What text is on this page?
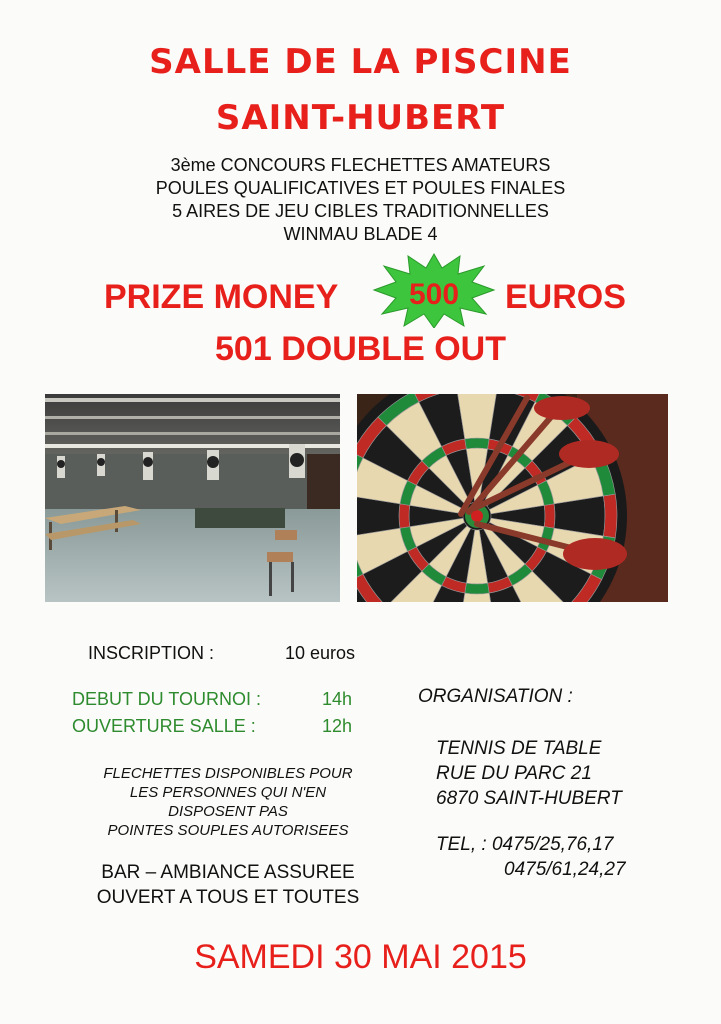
SALLE DE LA PISCINE
SAINT-HUBERT
3ème CONCOURS FLECHETTES AMATEURS
POULES QUALIFICATIVES ET POULES FINALES
5 AIRES DE JEU CIBLES TRADITIONNELLES
WINMAU BLADE 4
PRIZE MONEY	500	EUROS
501 DOUBLE OUT
INSCRIPTION :	10 euros
DEBUT DU TOURNOI :	14h
OUVERTURE SALLE :	12h
FLECHETTES DISPONIBLES POUR
LES PERSONNES QUI N'EN
DISPOSENT PAS
POINTES SOUPLES AUTORISEES
BAR – AMBIANCE ASSUREE
OUVERT A TOUS ET TOUTES
ORGANISATION :
TENNIS DE TABLE
RUE DU PARC 21
6870 SAINT-HUBERT
TEL, : 0475/25,76,17
0475/61,24,27
SAMEDI 30 MAI 2015
